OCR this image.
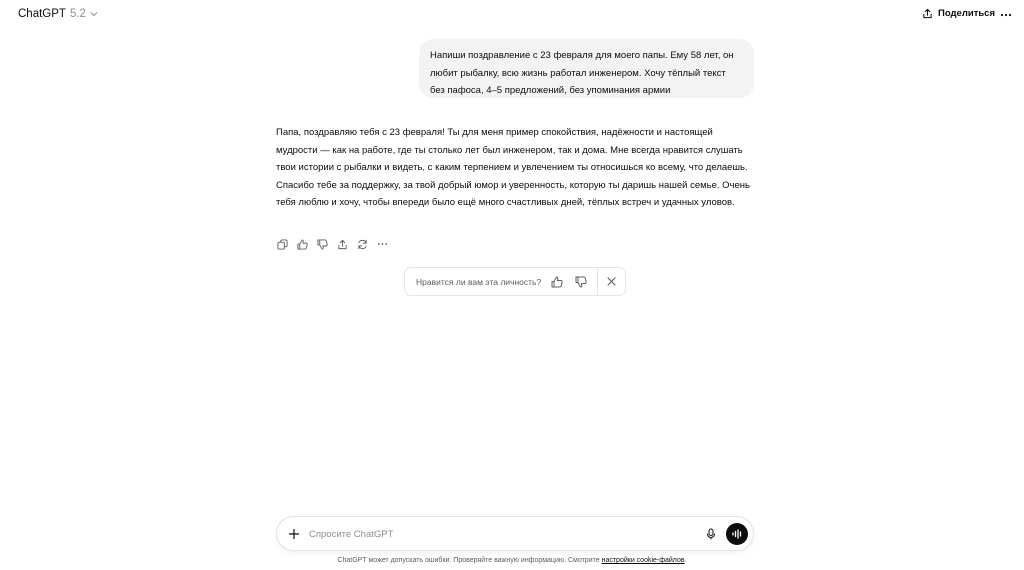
ChatGPT 5.2	Поделиться

Напиши поздравление с 23 февраля для моего папы. Ему 58 лет, он любит рыбалку, всю жизнь работал инженером. Хочу тёплый текст без пафоса, 4–5 предложений, без упоминания армии

Папа, поздравляю тебя с 23 февраля! Ты для меня пример спокойствия, надёжности и настоящей мудрости — как на работе, где ты столько лет был инженером, так и дома. Мне всегда нравится слушать твои истории с рыбалки и видеть, с каким терпением и увлечением ты относишься ко всему, что делаешь. Спасибо тебе за поддержку, за твой добрый юмор и уверенность, которую ты даришь нашей семье. Очень тебя люблю и хочу, чтобы впереди было ещё много счастливых дней, тёплых встреч и удачных уловов.

Нравится ли вам эта личность?
Спросите ChatGPT
ChatGPT может допускать ошибки. Проверяйте важную информацию. Смотрите настройки cookie-файлов.
